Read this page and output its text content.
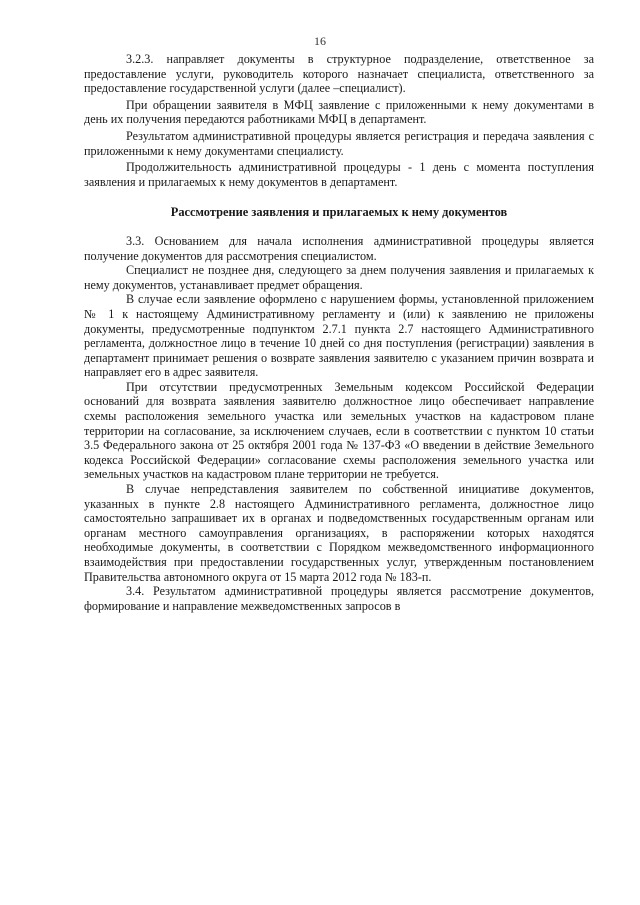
16

3.2.3. направляет документы в структурное подразделение, ответственное за предоставление услуги, руководитель которого назначает специалиста, ответственного за предоставление государственной услуги (далее –специалист).

При обращении заявителя в МФЦ заявление с приложенными к нему документами в день их получения передаются работниками МФЦ в департамент.

Результатом административной процедуры является регистрация и передача заявления с приложенными к нему документами специалисту.

Продолжительность административной процедуры - 1 день с момента поступления заявления и прилагаемых к нему документов в департамент.

Рассмотрение заявления и прилагаемых к нему документов

3.3. Основанием для начала исполнения административной процедуры является получение документов для рассмотрения специалистом.

Специалист не позднее дня, следующего за днем получения заявления и прилагаемых к нему документов, устанавливает предмет обращения.

В случае если заявление оформлено с нарушением формы, установленной приложением № 1 к настоящему Административному регламенту и (или) к заявлению не приложены документы, предусмотренные подпунктом 2.7.1 пункта 2.7 настоящего Административного регламента, должностное лицо в течение 10 дней со дня поступления (регистрации) заявления в департамент принимает решения о возврате заявления заявителю с указанием причин возврата и направляет его в адрес заявителя.

При отсутствии предусмотренных Земельным кодексом Российской Федерации оснований для возврата заявления заявителю должностное лицо обеспечивает направление схемы расположения земельного участка или земельных участков на кадастровом плане территории на согласование, за исключением случаев, если в соответствии с пунктом 10 статьи 3.5 Федерального закона от 25 октября 2001 года № 137-ФЗ «О введении в действие Земельного кодекса Российской Федерации» согласование схемы расположения земельного участка или земельных участков на кадастровом плане территории не требуется.

В случае непредставления заявителем по собственной инициативе документов, указанных в пункте 2.8 настоящего Административного регламента, должностное лицо самостоятельно запрашивает их в органах и подведомственных государственным органам или органам местного самоуправления организациях, в распоряжении которых находятся необходимые документы, в соответствии с Порядком межведомственного информационного взаимодействия при предоставлении государственных услуг, утвержденным постановлением Правительства автономного округа от 15 марта 2012 года № 183-п.

3.4. Результатом административной процедуры является рассмотрение документов, формирование и направление межведомственных запросов в
